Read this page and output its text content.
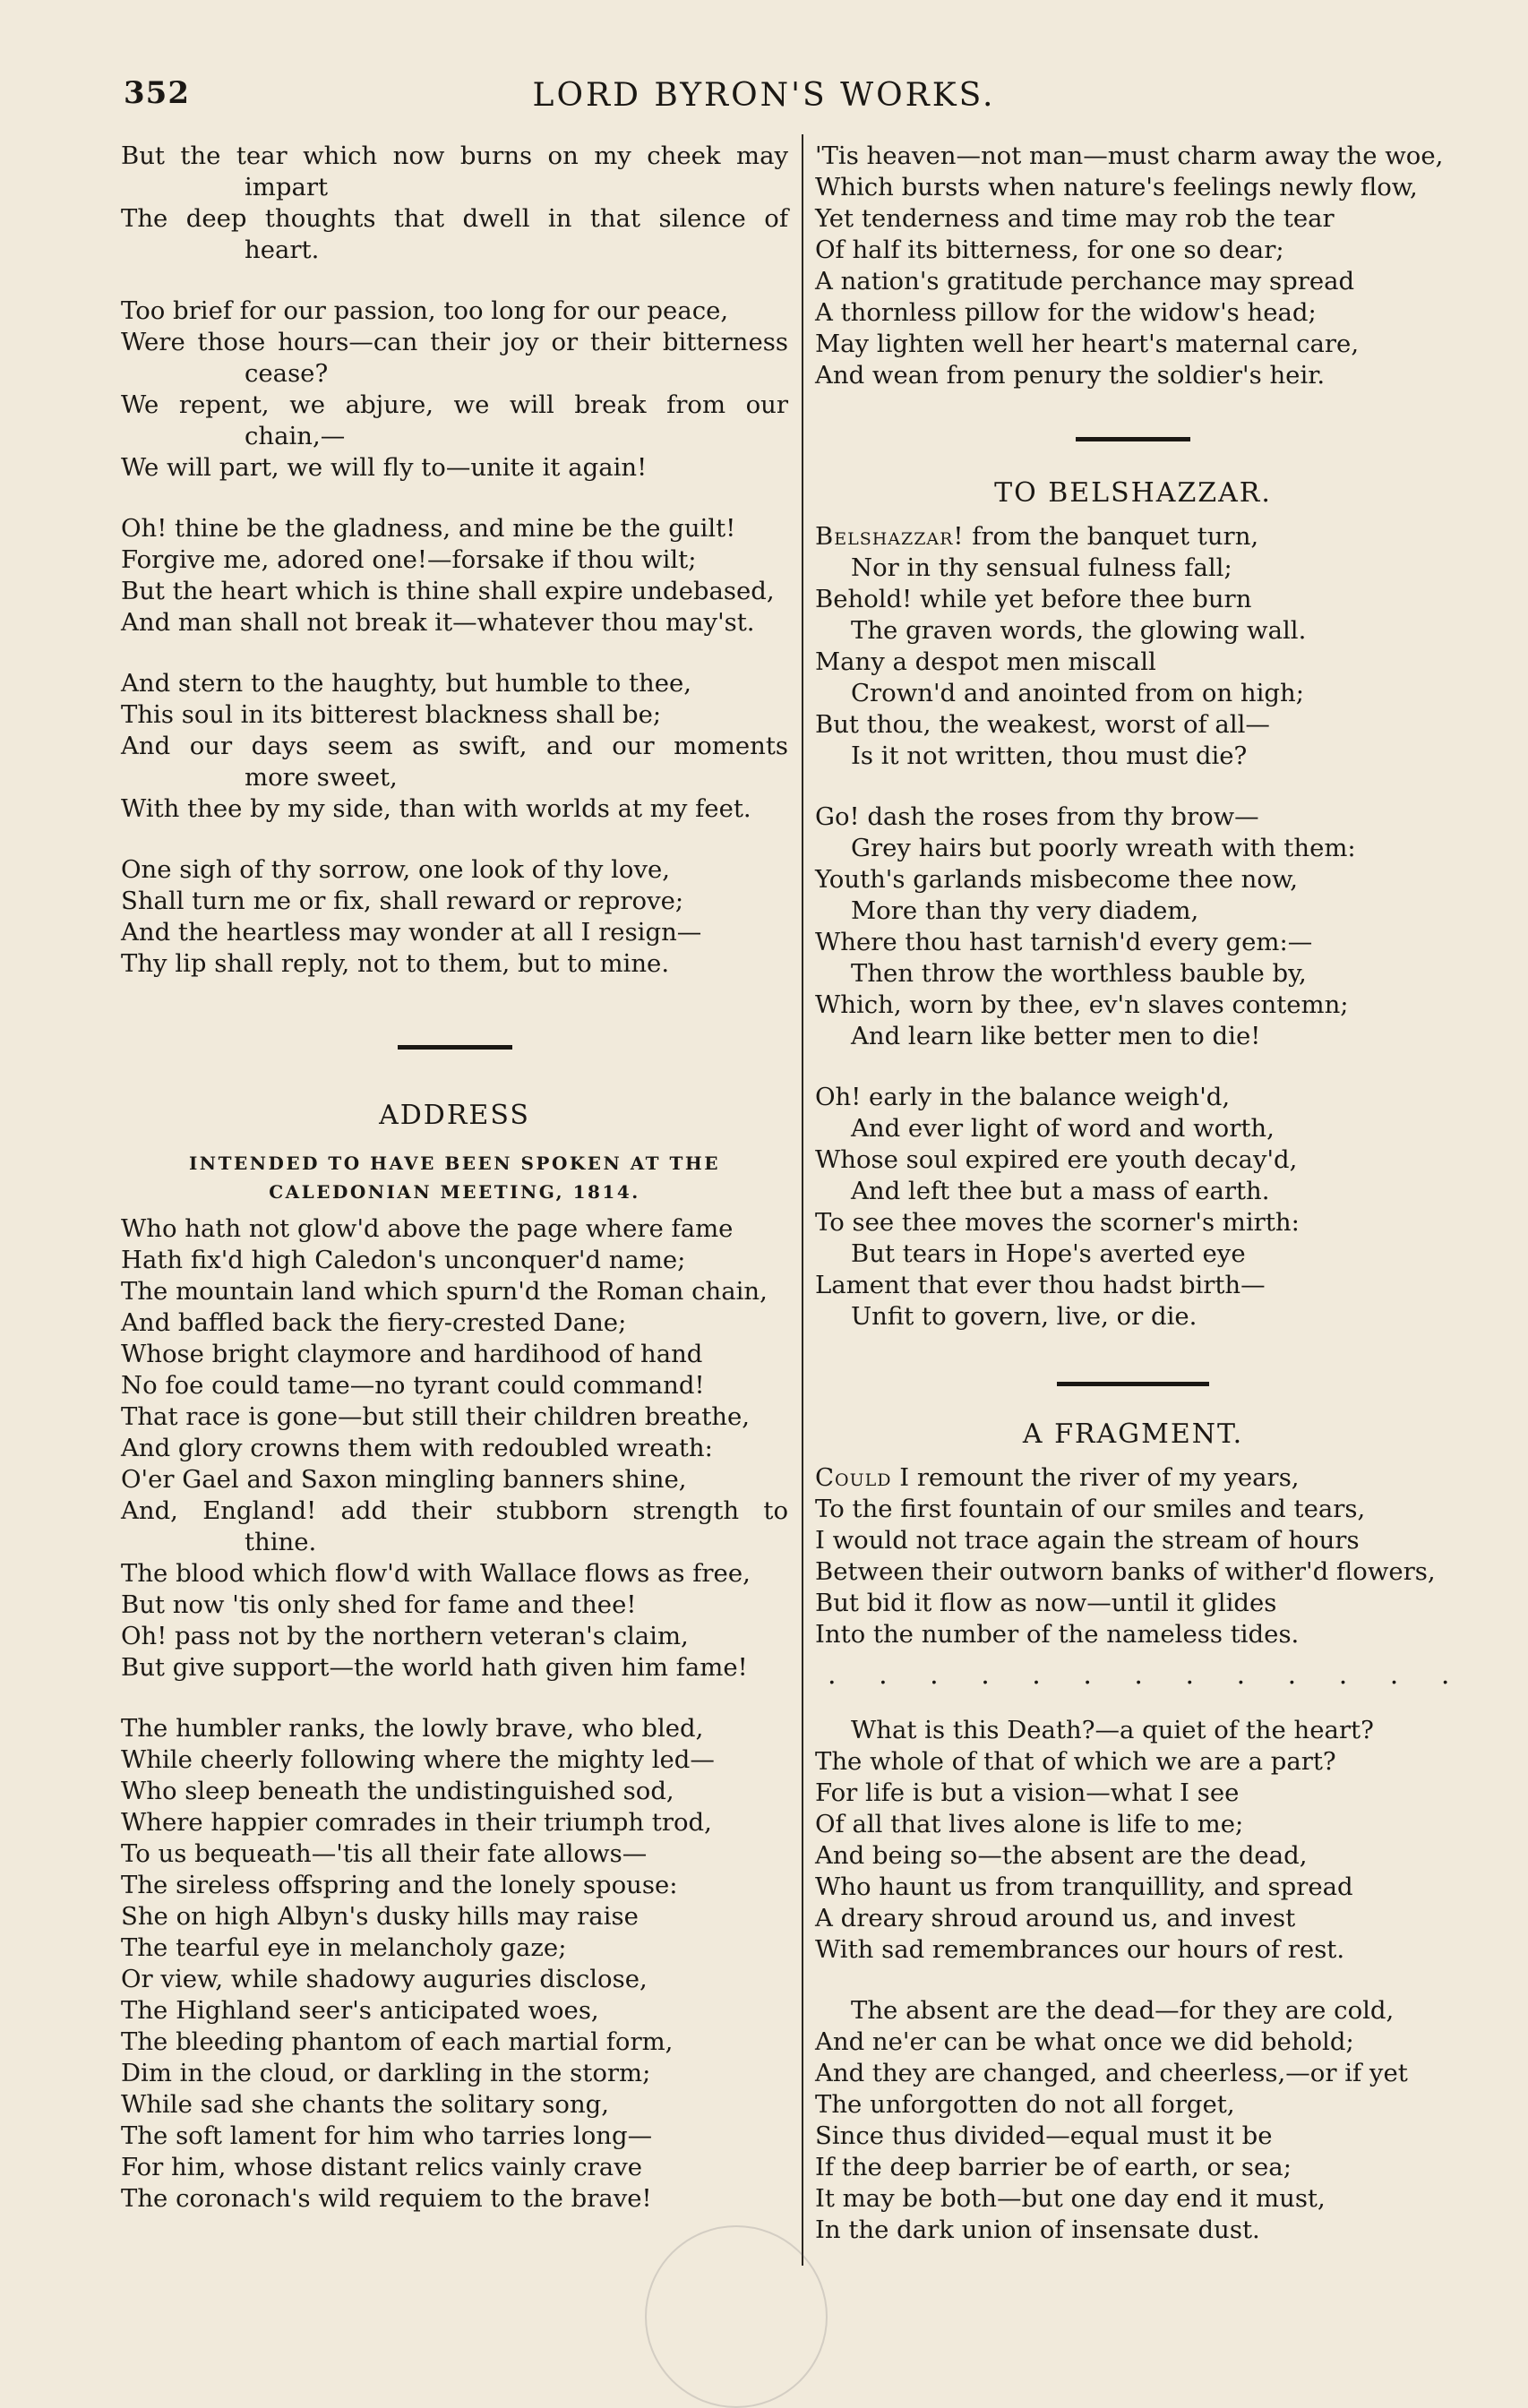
352	LORD BYRON'S WORKS.
But the tear which now burns on my cheek may
impart
The deep thoughts that dwell in that silence of
heart.
Too brief for our passion, too long for our peace,
Were those hours—can their joy or their bitterness
cease?
We repent, we abjure, we will break from our
chain,—
We will part, we will fly to—unite it again!
Oh! thine be the gladness, and mine be the guilt!
Forgive me, adored one!—forsake if thou wilt;
But the heart which is thine shall expire undebased,
And man shall not break it—whatever thou may'st.
And stern to the haughty, but humble to thee,
This soul in its bitterest blackness shall be;
And our days seem as swift, and our moments
more sweet,
With thee by my side, than with worlds at my feet.
One sigh of thy sorrow, one look of thy love,
Shall turn me or fix, shall reward or reprove;
And the heartless may wonder at all I resign—
Thy lip shall reply, not to them, but to mine.
ADDRESS
INTENDED TO HAVE BEEN SPOKEN AT THE
CALEDONIAN MEETING, 1814.
Who hath not glow'd above the page where fame
Hath fix'd high Caledon's unconquer'd name;
The mountain land which spurn'd the Roman chain,
And baffled back the fiery-crested Dane;
Whose bright claymore and hardihood of hand
No foe could tame—no tyrant could command!
That race is gone—but still their children breathe,
And glory crowns them with redoubled wreath:
O'er Gael and Saxon mingling banners shine,
And, England! add their stubborn strength to
thine.
The blood which flow'd with Wallace flows as free,
But now 'tis only shed for fame and thee!
Oh! pass not by the northern veteran's claim,
But give support—the world hath given him fame!
The humbler ranks, the lowly brave, who bled,
While cheerly following where the mighty led—
Who sleep beneath the undistinguished sod,
Where happier comrades in their triumph trod,
To us bequeath—'tis all their fate allows—
The sireless offspring and the lonely spouse:
She on high Albyn's dusky hills may raise
The tearful eye in melancholy gaze;
Or view, while shadowy auguries disclose,
The Highland seer's anticipated woes,
The bleeding phantom of each martial form,
Dim in the cloud, or darkling in the storm;
While sad she chants the solitary song,
The soft lament for him who tarries long—
For him, whose distant relics vainly crave
The coronach's wild requiem to the brave!
'Tis heaven—not man—must charm away the woe,
Which bursts when nature's feelings newly flow,
Yet tenderness and time may rob the tear
Of half its bitterness, for one so dear;
A nation's gratitude perchance may spread
A thornless pillow for the widow's head;
May lighten well her heart's maternal care,
And wean from penury the soldier's heir.
TO BELSHAZZAR.
Belshazzar! from the banquet turn,
Nor in thy sensual fulness fall;
Behold! while yet before thee burn
The graven words, the glowing wall.
Many a despot men miscall
Crown'd and anointed from on high;
But thou, the weakest, worst of all—
Is it not written, thou must die?
Go! dash the roses from thy brow—
Grey hairs but poorly wreath with them:
Youth's garlands misbecome thee now,
More than thy very diadem,
Where thou hast tarnish'd every gem:—
Then throw the worthless bauble by,
Which, worn by thee, ev'n slaves contemn;
And learn like better men to die!
Oh! early in the balance weigh'd,
And ever light of word and worth,
Whose soul expired ere youth decay'd,
And left thee but a mass of earth.
To see thee moves the scorner's mirth:
But tears in Hope's averted eye
Lament that ever thou hadst birth—
Unfit to govern, live, or die.
A FRAGMENT.
Could I remount the river of my years,
To the first fountain of our smiles and tears,
I would not trace again the stream of hours
Between their outworn banks of wither'd flowers,
But bid it flow as now—until it glides
Into the number of the nameless tides.
. . . . . . . . . . . . .
What is this Death?—a quiet of the heart?
The whole of that of which we are a part?
For life is but a vision—what I see
Of all that lives alone is life to me;
And being so—the absent are the dead,
Who haunt us from tranquillity, and spread
A dreary shroud around us, and invest
With sad remembrances our hours of rest.
The absent are the dead—for they are cold,
And ne'er can be what once we did behold;
And they are changed, and cheerless,—or if yet
The unforgotten do not all forget,
Since thus divided—equal must it be
If the deep barrier be of earth, or sea;
It may be both—but one day end it must,
In the dark union of insensate dust.
